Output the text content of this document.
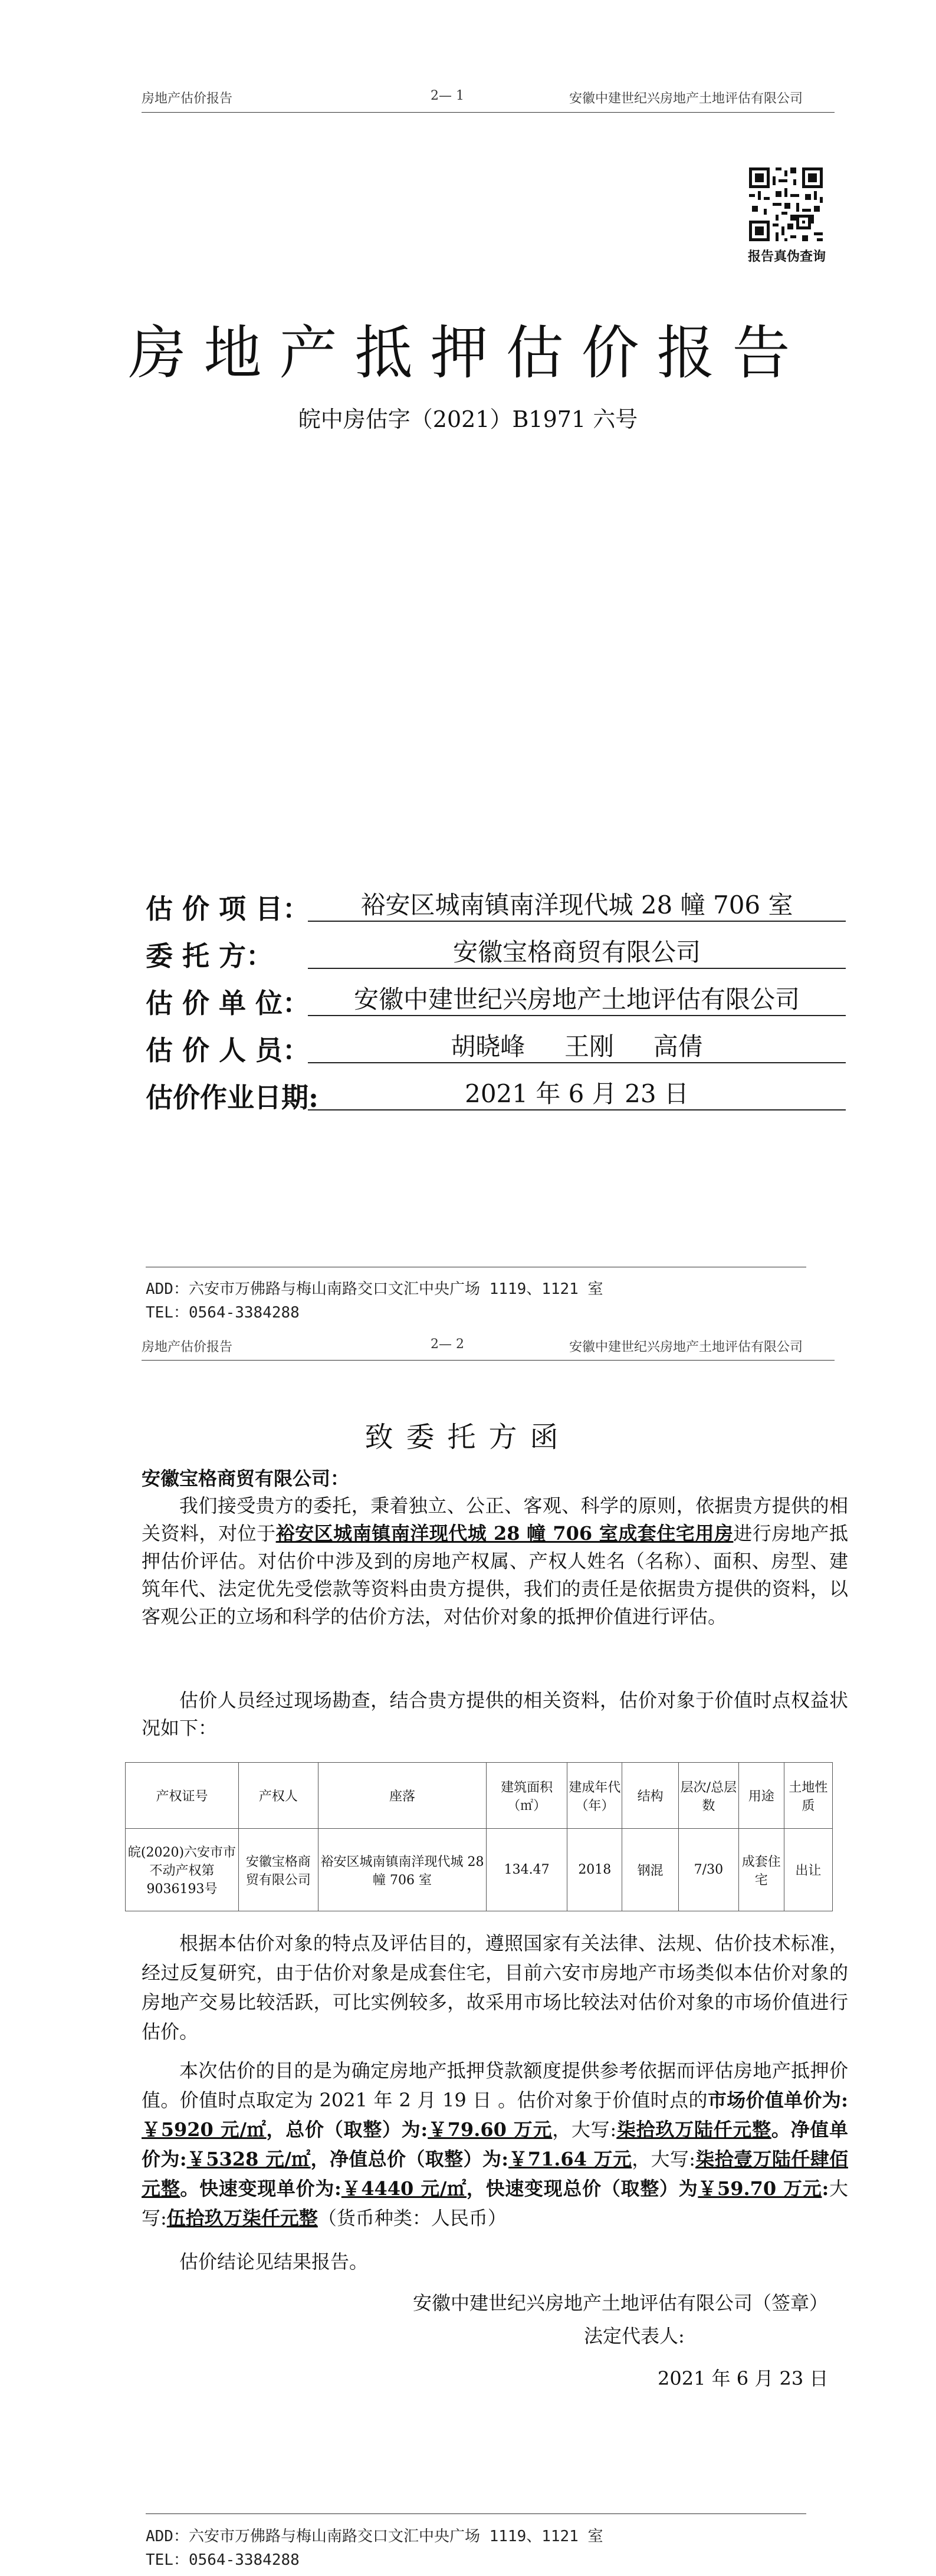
房地产估价报告	2— 1	安徽中建世纪兴房地产土地评估有限公司
报告真伪查询
房地产抵押估价报告
皖中房估字（2021）B1971 六号
估 价 项 目：	裕安区城南镇南洋现代城 28 幢 706 室
委 托 方：	安徽宝格商贸有限公司
估 价 单 位：	安徽中建世纪兴房地产土地评估有限公司
估 价 人 员：	胡晓峰     王刚     高倩
估价作业日期:	2021 年 6 月 23 日
ADD：六安市万佛路与梅山南路交口文汇中央广场 1119、1121 室
TEL：0564-3384288
房地产估价报告	2— 2	安徽中建世纪兴房地产土地评估有限公司
致委托方函
安徽宝格商贸有限公司：
我们接受贵方的委托，秉着独立、公正、客观、科学的原则，依据贵方提供的相关资料，对位于裕安区城南镇南洋现代城 28 幢 706 室成套住宅用房进行房地产抵押估价评估。对估价中涉及到的房地产权属、产权人姓名（名称）、面积、房型、建筑年代、法定优先受偿款等资料由贵方提供，我们的责任是依据贵方提供的资料，以客观公正的立场和科学的估价方法，对估价对象的抵押价值进行评估。
估价人员经过现场勘查，结合贵方提供的相关资料，估价对象于价值时点权益状况如下：
产权证号	产权人	座落	建筑面积（㎡）	建成年代（年）	结构	层次/总层数	用途	土地性质
皖(2020)六安市市不动产权第9036193号	安徽宝格商贸有限公司	裕安区城南镇南洋现代城 28 幢 706 室	134.47	2018	钢混	7/30	成套住宅	出让
根据本估价对象的特点及评估目的，遵照国家有关法律、法规、估价技术标准，经过反复研究，由于估价对象是成套住宅，目前六安市房地产市场类似本估价对象的房地产交易比较活跃，可比实例较多，故采用市场比较法对估价对象的市场价值进行估价。
本次估价的目的是为确定房地产抵押贷款额度提供参考依据而评估房地产抵押价值。价值时点取定为 2021 年 2 月 19 日 。估价对象于价值时点的市场价值单价为:￥5920 元/㎡，总价（取整）为:￥79.60 万元，大写:柒拾玖万陆仟元整。净值单价为:￥5328 元/㎡，净值总价（取整）为:￥71.64 万元，大写:柒拾壹万陆仟肆佰元整。快速变现单价为:￥4440 元/㎡，快速变现总价（取整）为￥59.70 万元:大写:伍拾玖万柒仟元整（货币种类：人民币）
估价结论见结果报告。
安徽中建世纪兴房地产土地评估有限公司（签章）
法定代表人:
2021 年 6 月 23 日
ADD：六安市万佛路与梅山南路交口文汇中央广场 1119、1121 室
TEL：0564-3384288
